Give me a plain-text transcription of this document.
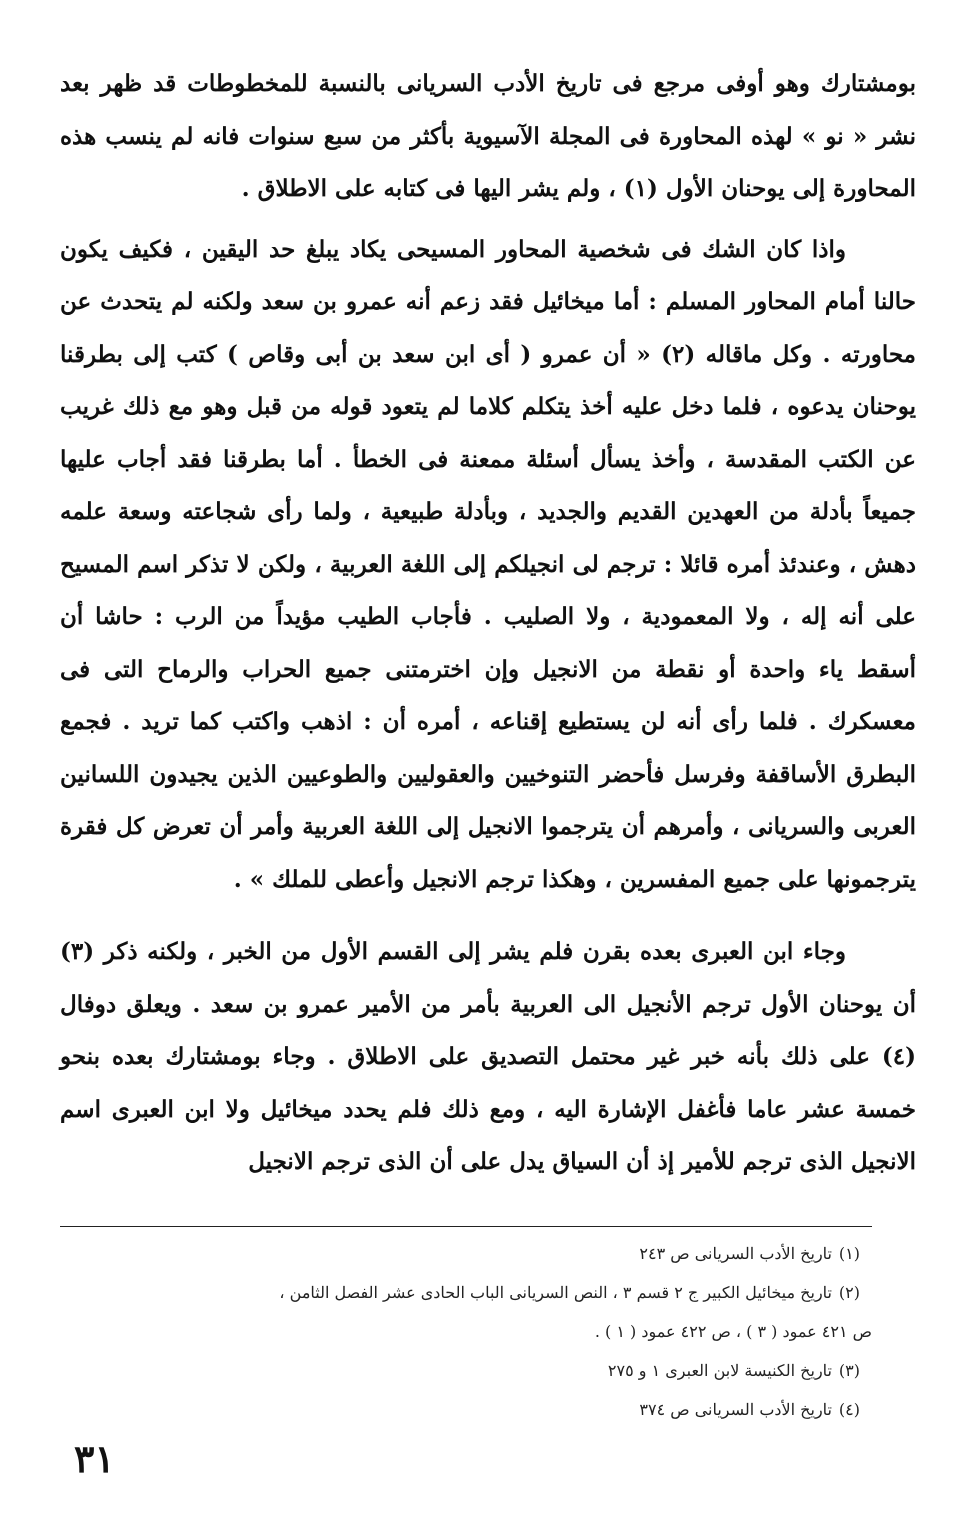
بومشتارك وهو أوفى مرجع فى تاريخ الأدب السريانى بالنسبة للمخطوطات قد ظهر بعد نشر « نو » لهذه المحاورة فى المجلة الآسيوية بأكثر من سبع سنوات فانه لم ينسب هذه المحاورة إلى يوحنان الأول (١) ، ولم يشر اليها فى كتابه على الاطلاق .

واذا كان الشك فى شخصية المحاور المسيحى يكاد يبلغ حد اليقين ، فكيف يكون حالنا أمام المحاور المسلم : أما ميخائيل فقد زعم أنه عمرو بن سعد ولكنه لم يتحدث عن محاورته . وكل ماقاله (٢) « أن عمرو ( أى ابن سعد بن أبى وقاص ) كتب إلى بطرقنا يوحنان يدعوه ، فلما دخل عليه أخذ يتكلم كلاما لم يتعود قوله من قبل وهو مع ذلك غريب عن الكتب المقدسة ، وأخذ يسأل أسئلة ممعنة فى الخطأ . أما بطرقنا فقد أجاب عليها جميعاً بأدلة من العهدين القديم والجديد ، وبأدلة طبيعية ، ولما رأى شجاعته وسعة علمه دهش ، وعندئذ أمره قائلا : ترجم لى انجيلكم إلى اللغة العربية ، ولكن لا تذكر اسم المسيح على أنه إله ، ولا المعمودية ، ولا الصليب . فأجاب الطيب مؤيداً من الرب : حاشا أن أسقط ياء واحدة أو نقطة من الانجيل وإن اخترمتنى جميع الحراب والرماح التى فى معسكرك . فلما رأى أنه لن يستطيع إقناعه ، أمره أن : اذهب واكتب كما تريد . فجمع البطرق الأساقفة وفرسل فأحضر التنوخيين والعقوليين والطوعيين الذين يجيدون اللسانين العربى والسريانى ، وأمرهم أن يترجموا الانجيل إلى اللغة العربية وأمر أن تعرض كل فقرة يترجمونها على جميع المفسرين ، وهكذا ترجم الانجيل وأعطى للملك » .

وجاء ابن العبرى بعده بقرن فلم يشر إلى القسم الأول من الخبر ، ولكنه ذكر (٣) أن يوحنان الأول ترجم الأنجيل الى العربية بأمر من الأمير عمرو بن سعد . ويعلق دوفال (٤) على ذلك بأنه خبر غير محتمل التصديق على الاطلاق . وجاء بومشتارك بعده بنحو خمسة عشر عاما فأغفل الإشارة اليه ، ومع ذلك فلم يحدد ميخائيل ولا ابن العبرى اسم الانجيل الذى ترجم للأمير إذ أن السياق يدل على أن الذى ترجم الانجيل

(١)
تاريخ الأدب السريانى ص ٢٤٣

(٢)
تاريخ ميخائيل الكبير ج ٢ قسم ٣ ، النص السريانى الباب الحادى عشر الفصل الثامن ،

ص ٤٢١ عمود ( ٣ ) ، ص ٤٢٢ عمود ( ١ ) .

(٣)
تاريخ الكنيسة لابن العبرى ١ و ٢٧٥

(٤)
تاريخ الأدب السريانى ص ٣٧٤

٣١
